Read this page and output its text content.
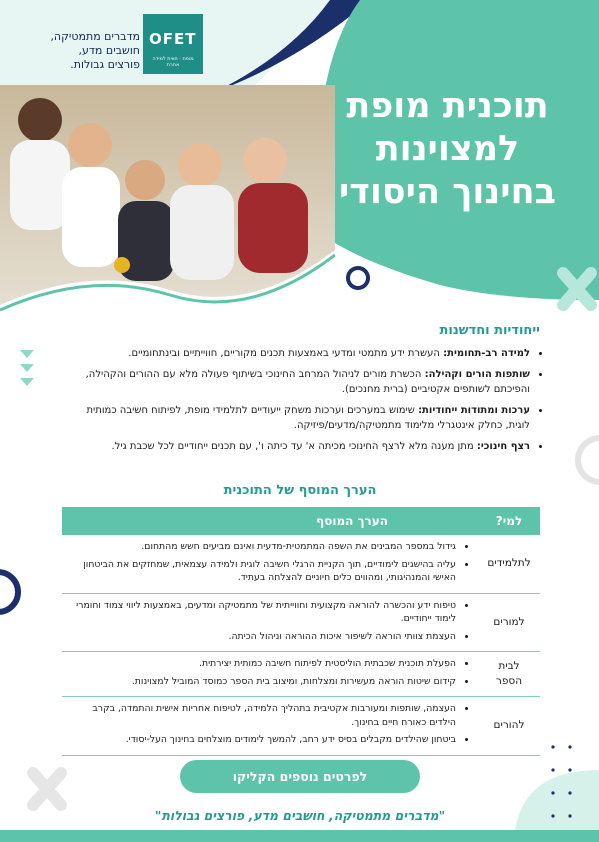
OFET
מופת · חווית למידה אחרת
מדברים מתמטיקה,
חושבים מדע,
פורצים גבולות.
תוכנית מופת
למצוינות
בחינוך היסודי
ייחודיות וחדשנות
• למידה רב-תחומית: העשרת ידע מתמטי ומדעי באמצעות תכנים מקוריים, חווייתיים ובינתחומיים.
• שותפות הורים וקהילה: הכשרת מורים לניהול המרחב החינוכי בשיתוף פעולה מלא עם ההורים והקהילה, והפיכתם לשותפים אקטיביים (ברית מחנכים).
• ערכות ומתודות ייחודיות: שימוש במערכים וערכות משחק ייעודיים לתלמידי מופת, לפיתוח חשיבה כמותית לוגית, כחלק אינטגרלי מלימוד מתמטיקה/מדעים/פיזיקה.
• רצף חינוכי: מתן מענה מלא לרצף החינוכי מכיתה א' עד כיתה ו', עם תכנים ייחודיים לכל שכבת גיל.
הערך המוסף של התוכנית
למי?
הערך המוסף
לתלמידים
• גידול במספר המבינים את השפה המתמטית-מדעית ואינם מביעים חשש מהתחום.
• עליה בהישגים לימודיים, תוך הקניית הרגלי חשיבה לוגית ולמידה עצמאית, שמחזקים את הביטחון האישי והמנהיגותי, ומהווים כלים חיוניים להצלחה בעתיד.
למורים
• טיפוח ידע והכשרה להוראה מקצועית וחווייתית של מתמטיקה ומדעים, באמצעות ליווי צמוד וחומרי לימוד ייחודיים.
• העצמת צוותי הוראה לשיפור איכות ההוראה וניהול הכיתה.
לבית הספר
• הפעלת תוכנית שכבתית הוליסטית לפיתוח חשיבה כמותית יצירתית.
• קידום שיטות הוראה מעשירות ומצלחות, ומיצוב בית הספר כמוסד המוביל למצוינות.
להורים
• העצמה, שותפות ומעורבות אקטיבית בתהליך הלמידה, לטיפוח אחריות אישית והתמדה, בקרב הילדים כאורח חיים בחינוך.
• ביטחון שהילדים מקבלים בסיס ידע רחב, להמשך לימודים מוצלחים בחינוך העל-יסודי.
לפרטים נוספים הקליקו
"מדברים מתמטיקה, חושבים מדע, פורצים גבולות"
